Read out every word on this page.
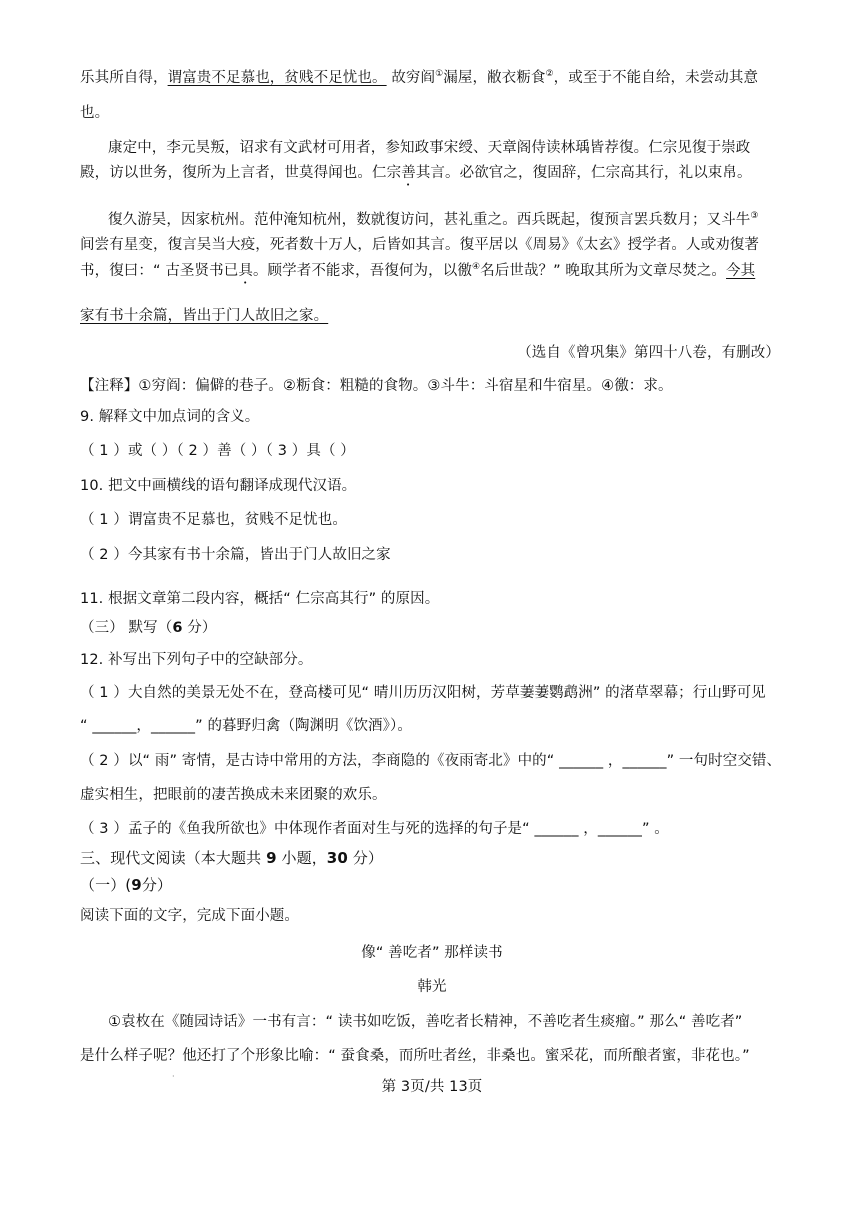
乐其所自得，谓富贵不足慕也，贫贱不足忧也。 故穷阎①漏屋，敝衣粝食②，或至于不能自给，未尝动其意
也。
康定中，李元昊叛，诏求有文武材可用者，参知政事宋绶、天章阁侍读林瑀皆荐復。仁宗见復于崇政
殿，访以世务，復所为上言者，世莫得闻也。仁宗善其言。必欲官之，復固辞，仁宗高其行，礼以束帛。
復久游吴，因家杭州。范仲淹知杭州，数就復访问，甚礼重之。西兵既起，復预言罢兵数月；又斗牛③
间尝有星变，復言吴当大疫，死者数十万人，后皆如其言。復平居以《周易》《太玄》授学者。人或劝復著
书，復曰：“ 古圣贤书已具。顾学者不能求，吾復何为，以徼④名后世哉？” 晚取其所为文章尽焚之。今其
家有书十余篇，皆出于门人故旧之家。
（选自《曾巩集》第四十八卷，有删改）
【注释】①穷阎：偏僻的巷子。②粝食：粗糙的食物。③斗牛：斗宿星和牛宿星。④徼：求。
9. 解释文中加点词的含义。
（ 1 ）或（ ）（ 2 ）善（ ）（ 3 ）具（ ）
10. 把文中画横线的语句翻译成现代汉语。
（ 1 ）谓富贵不足慕也，贫贱不足忧也。
（ 2 ）今其家有书十余篇，皆出于门人故旧之家
11. 根据文章第二段内容，概括“ 仁宗高其行” 的原因。
（三） 默写（6 分）
12. 补写出下列句子中的空缺部分。
（ 1 ）大自然的美景无处不在，登高楼可见“ 晴川历历汉阳树，芳草萋萋鹦鹉洲” 的渚草翠幕；行山野可见
“ ______，______” 的暮野归禽（陶渊明《饮酒》）。
（ 2 ）以“ 雨” 寄情，是古诗中常用的方法，李商隐的《夜雨寄北》中的“ ______ ，______” 一句时空交错、
虚实相生，把眼前的凄苦换成未来团聚的欢乐。
（ 3 ）孟子的《鱼我所欲也》中体现作者面对生与死的选择的句子是“ ______ ，______” 。
三、现代文阅读（本大题共 9 小题，30 分）
（一）(9分）
阅读下面的文字，完成下面小题。
像“ 善吃者” 那样读书
韩光
①袁枚在《随园诗话》一书有言：“ 读书如吃饭，善吃者长精神，不善吃者生痰瘤。” 那么“ 善吃者”
是什么样子呢？他还打了个形象比喻：“ 蚕食桑，而所吐者丝，非桑也。蜜采花，而所酿者蜜，非花也。”
·
第 3页/共 13页
